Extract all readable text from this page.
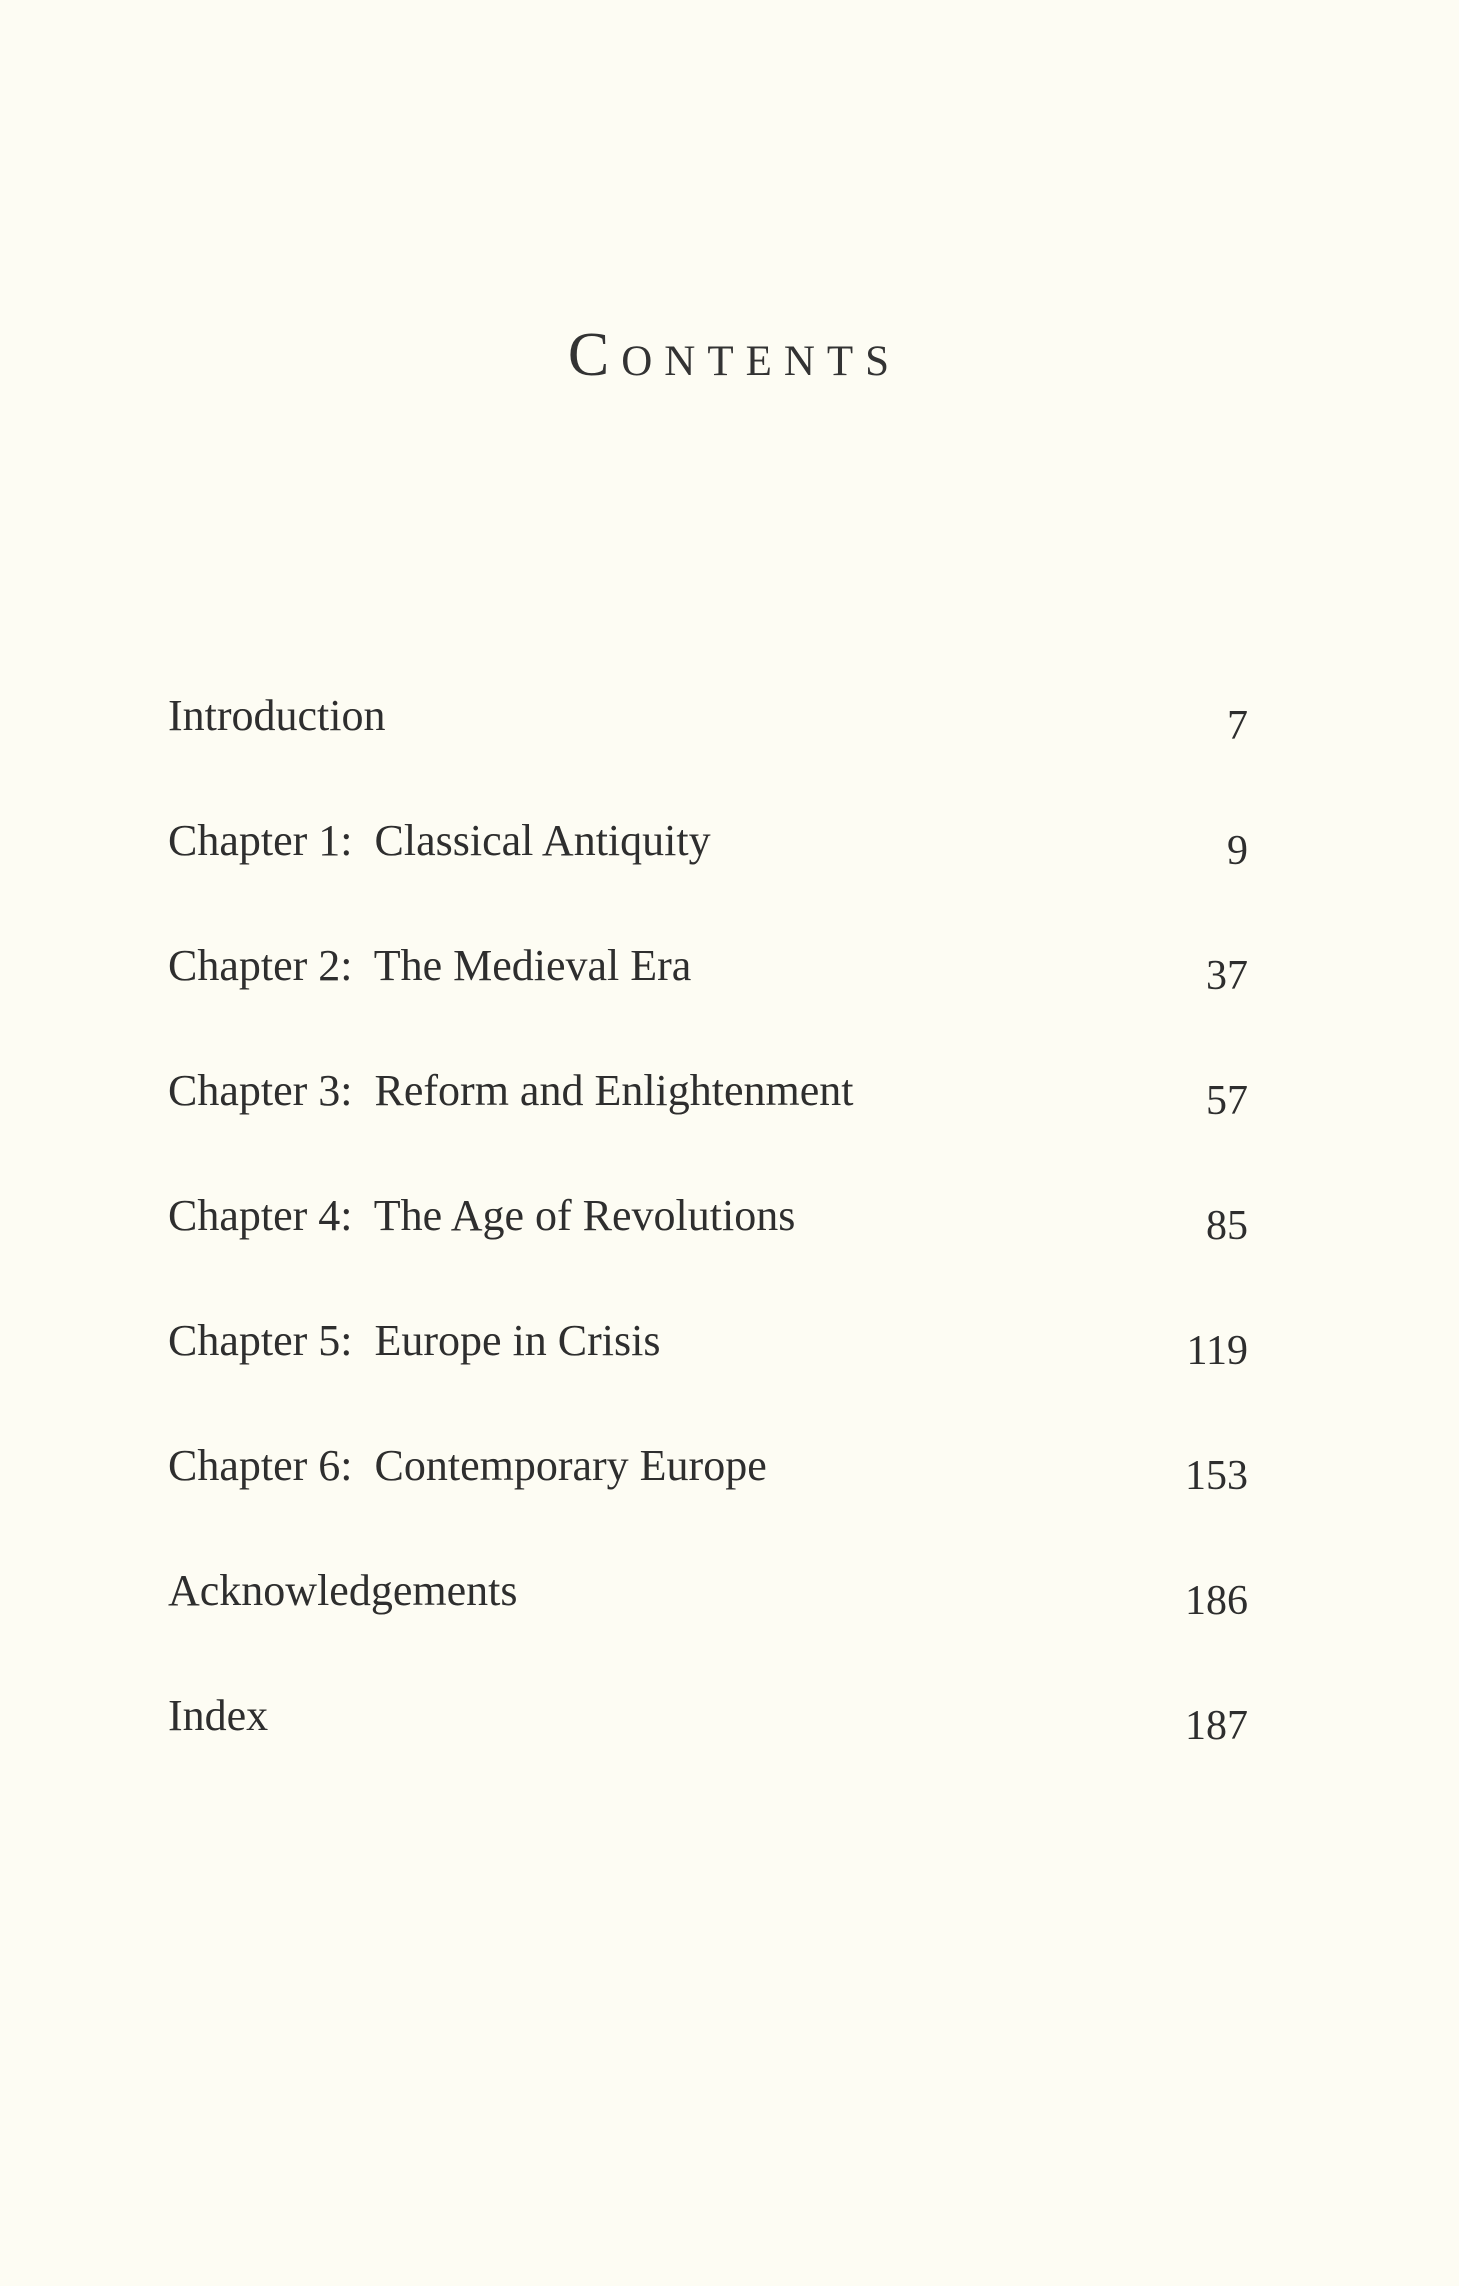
Contents
Introduction	7
Chapter 1:  Classical Antiquity	9
Chapter 2:  The Medieval Era	37
Chapter 3:  Reform and Enlightenment	57
Chapter 4:  The Age of Revolutions	85
Chapter 5:  Europe in Crisis	119
Chapter 6:  Contemporary Europe	153
Acknowledgements	186
Index	187
